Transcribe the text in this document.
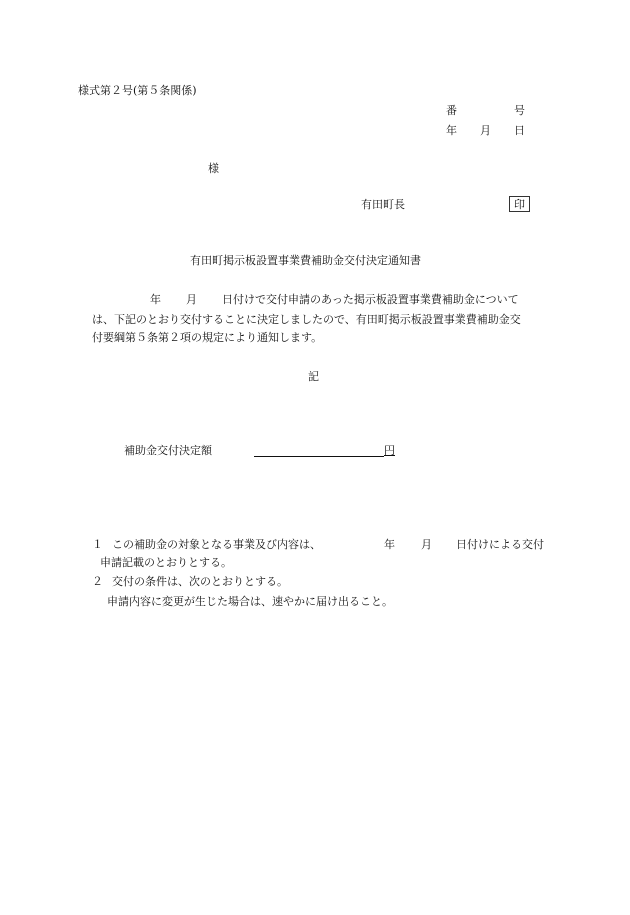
様式第２号(第５条関係)
番	号
年 月 日
様
有田町長	印
有田町掲示板設置事業費補助金交付決定通知書
年 月 日付けで交付申請のあった掲示板設置事業費補助金について
は、下記のとおり交付することに決定しましたので、有田町掲示板設置事業費補助金交
付要綱第５条第２項の規定により通知します。
記
補助金交付決定額	円
１ この補助金の対象となる事業及び内容は、	年 月 日付けによる交付
申請記載のとおりとする。
２ 交付の条件は、次のとおりとする。
申請内容に変更が生じた場合は、速やかに届け出ること。
